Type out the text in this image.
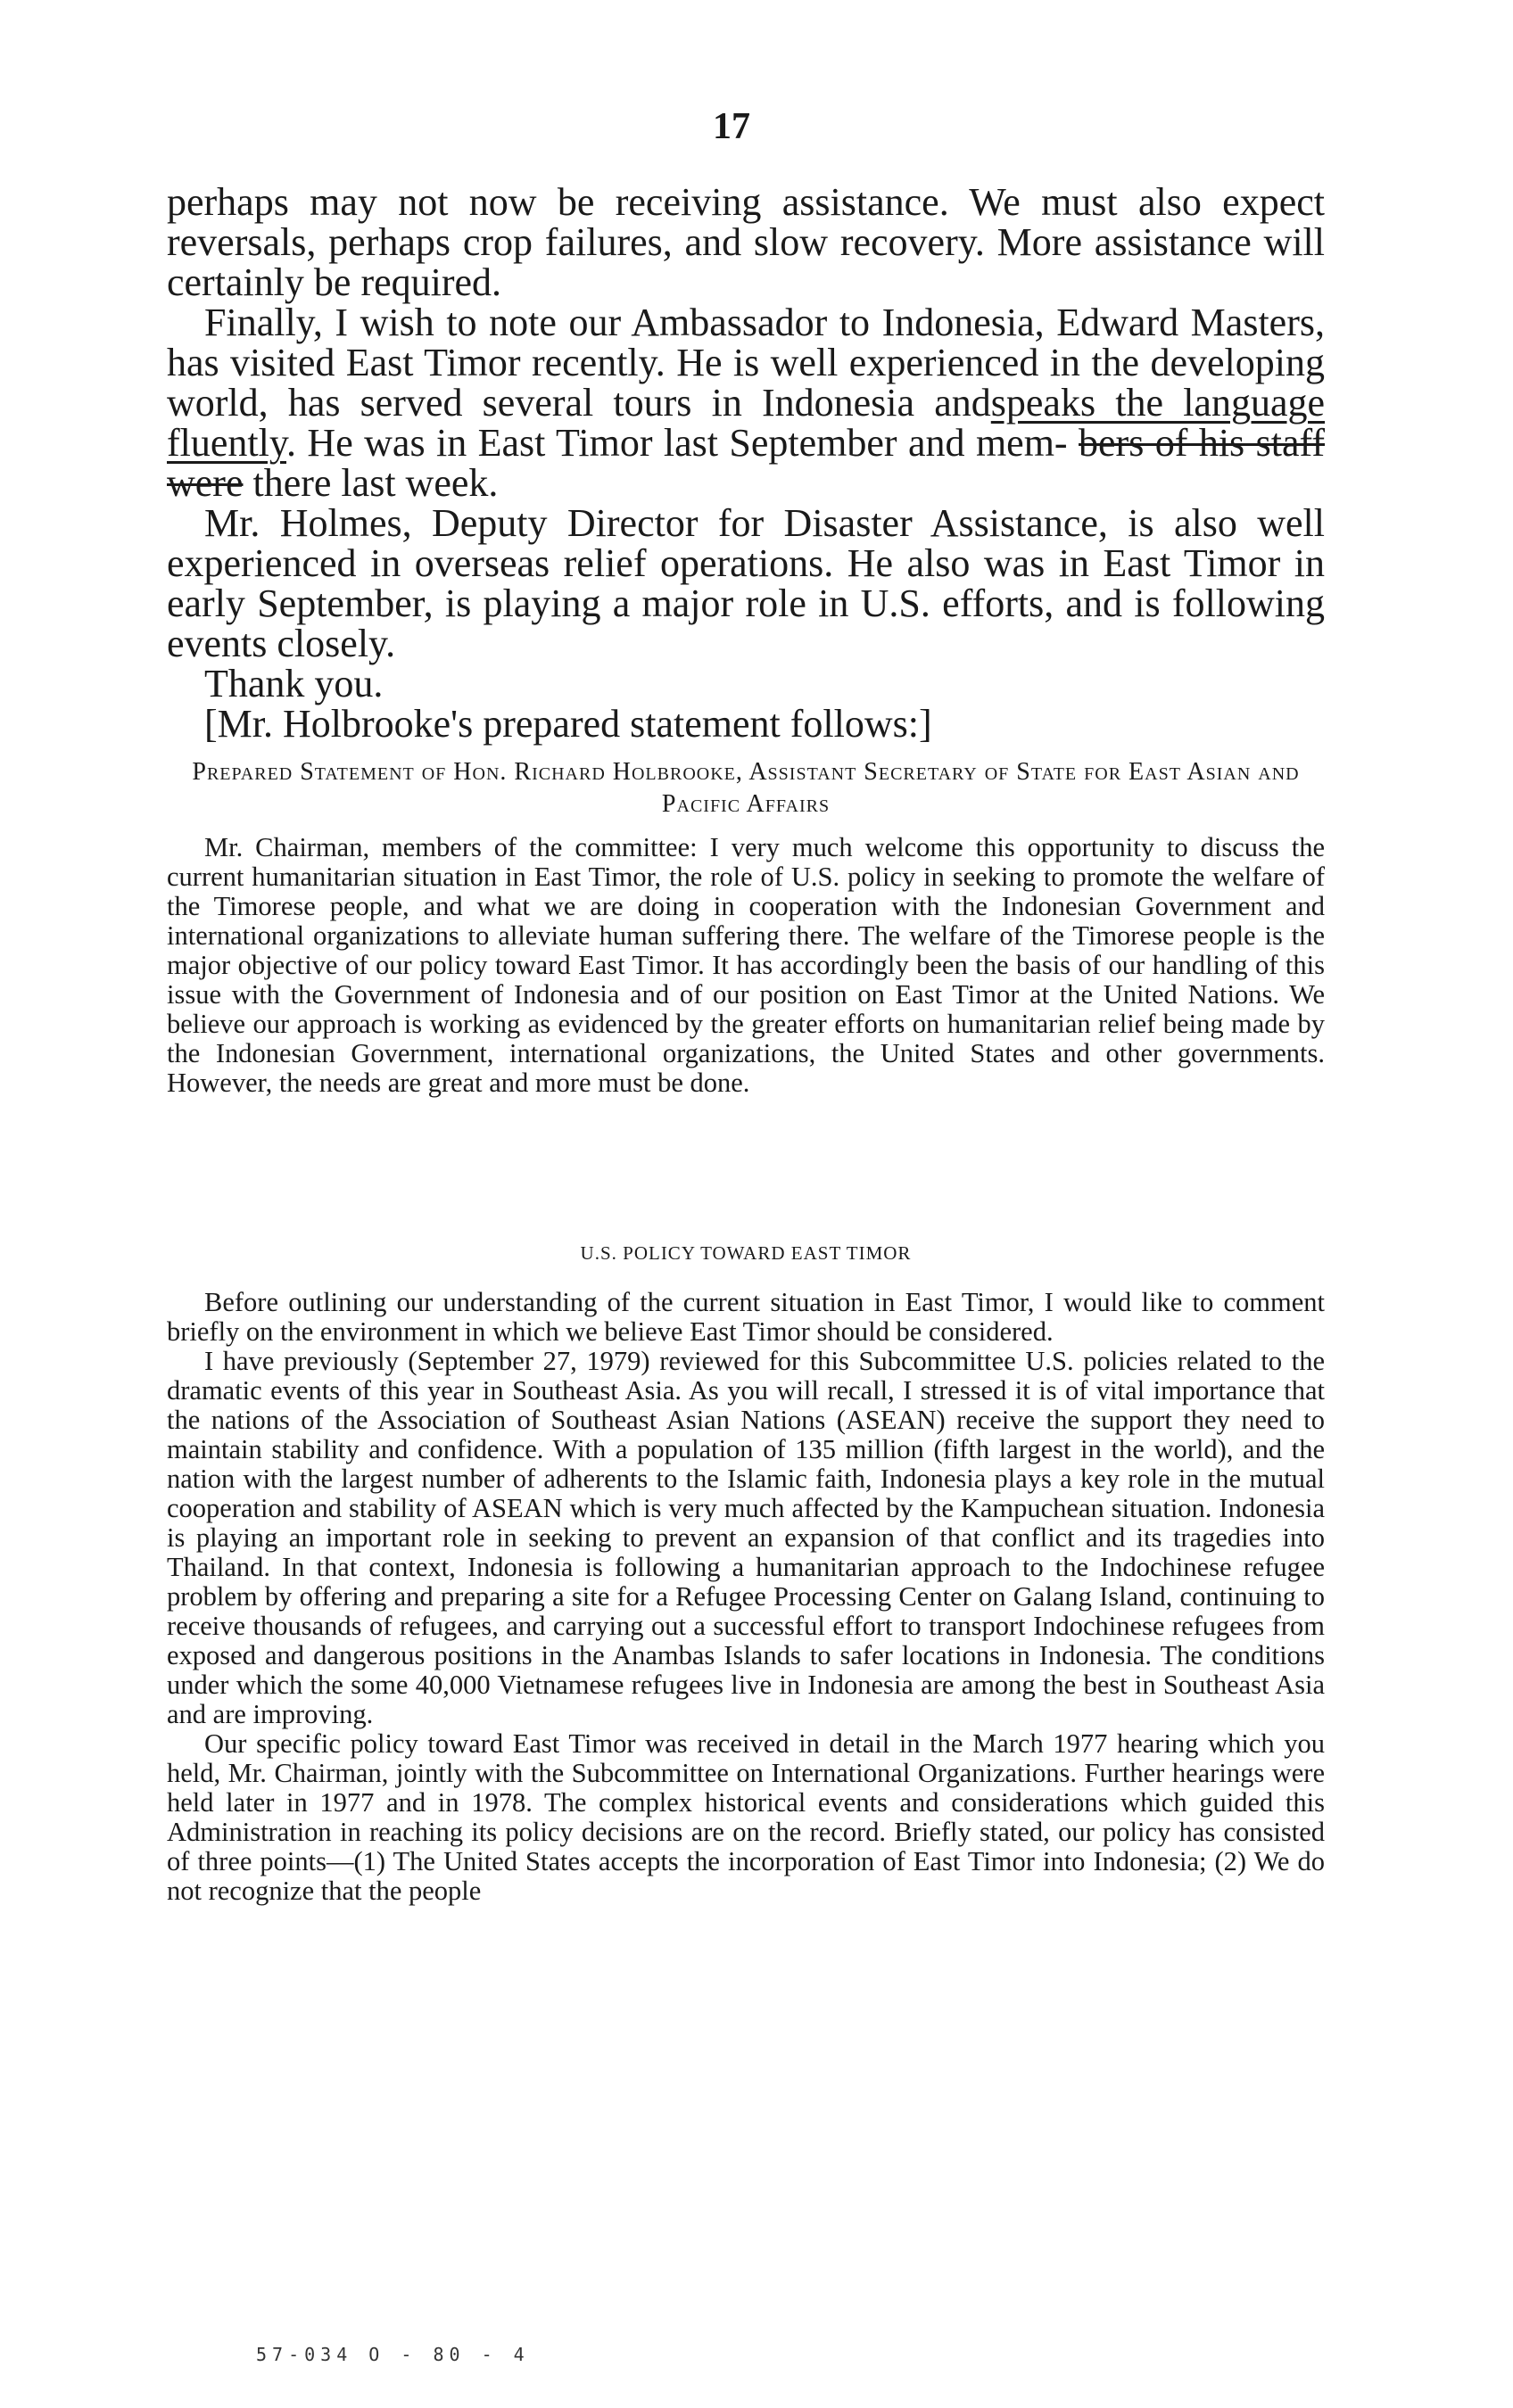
17

perhaps may not now be receiving assistance. We must also expect reversals, perhaps crop failures, and slow recovery. More assistance will certainly be required.

Finally, I wish to note our Ambassador to Indonesia, Edward Masters, has visited East Timor recently. He is well experienced in the developing world, has served several tours in Indonesia andspeaks the language fluently. He was in East Timor last September and mem- bers of his staff were there last week.

Mr. Holmes, Deputy Director for Disaster Assistance, is also well experienced in overseas relief operations. He also was in East Timor in early September, is playing a major role in U.S. efforts, and is following events closely.

Thank you.

[Mr. Holbrooke's prepared statement follows:]

Prepared Statement of Hon. Richard Holbrooke, Assistant Secretary of State for East Asian and Pacific Affairs

Mr. Chairman, members of the committee: I very much welcome this opportunity to discuss the current humanitarian situation in East Timor, the role of U.S. policy in seeking to promote the welfare of the Timorese people, and what we are doing in cooperation with the Indonesian Government and international organizations to alleviate human suffering there. The welfare of the Timorese people is the major objective of our policy toward East Timor. It has accordingly been the basis of our handling of this issue with the Government of Indonesia and of our position on East Timor at the United Nations. We believe our approach is working as evidenced by the greater efforts on humanitarian relief being made by the Indonesian Government, international organizations, the United States and other governments. However, the needs are great and more must be done.

U.S. POLICY TOWARD EAST TIMOR

Before outlining our understanding of the current situation in East Timor, I would like to comment briefly on the environment in which we believe East Timor should be considered.

I have previously (September 27, 1979) reviewed for this Subcommittee U.S. policies related to the dramatic events of this year in Southeast Asia. As you will recall, I stressed it is of vital importance that the nations of the Association of Southeast Asian Nations (ASEAN) receive the support they need to maintain stability and confidence. With a population of 135 million (fifth largest in the world), and the nation with the largest number of adherents to the Islamic faith, Indonesia plays a key role in the mutual cooperation and stability of ASEAN which is very much affected by the Kampuchean situation. Indonesia is playing an important role in seeking to prevent an expansion of that conflict and its tragedies into Thailand. In that context, Indonesia is following a humanitarian approach to the Indochinese refugee problem by offering and preparing a site for a Refugee Processing Center on Galang Island, continuing to receive thousands of refugees, and carrying out a successful effort to transport Indochinese refugees from exposed and dangerous positions in the Anambas Islands to safer locations in Indonesia. The conditions under which the some 40,000 Vietnamese refugees live in Indonesia are among the best in Southeast Asia and are improving.

Our specific policy toward East Timor was received in detail in the March 1977 hearing which you held, Mr. Chairman, jointly with the Subcommittee on International Organizations. Further hearings were held later in 1977 and in 1978. The complex historical events and considerations which guided this Administration in reaching its policy decisions are on the record. Briefly stated, our policy has consisted of three points—(1) The United States accepts the incorporation of East Timor into Indonesia; (2) We do not recognize that the people

57-034 O - 80 - 4
